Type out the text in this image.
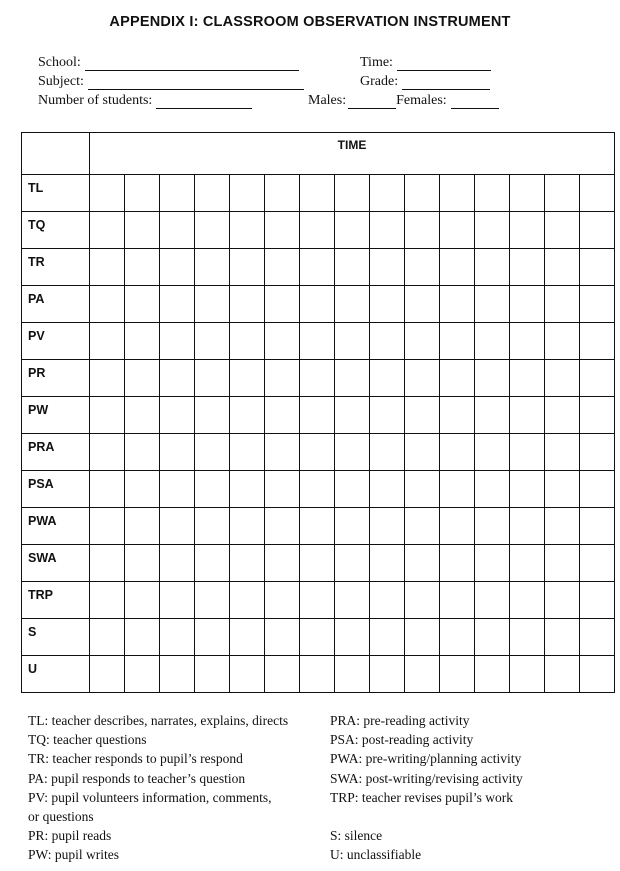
APPENDIX I: CLASSROOM OBSERVATION INSTRUMENT
School:	Time:
Subject:	Grade:
Number of students:	Males:	Females:
	TIME														
TL															
TQ															
TR															
PA															
PV															
PR															
PW															
PRA															
PSA															
PWA															
SWA															
TRP															
S															
U															
TL: teacher describes, narrates, explains, directs
TQ: teacher questions
TR: teacher responds to pupil’s respond
PA: pupil responds to teacher’s question
PV: pupil volunteers information, comments,
or questions
PR: pupil reads
PW: pupil writes
PRA: pre-reading activity
PSA: post-reading activity
PWA: pre-writing/planning activity
SWA: post-writing/revising activity
TRP: teacher revises pupil’s work
S: silence
U: unclassifiable
